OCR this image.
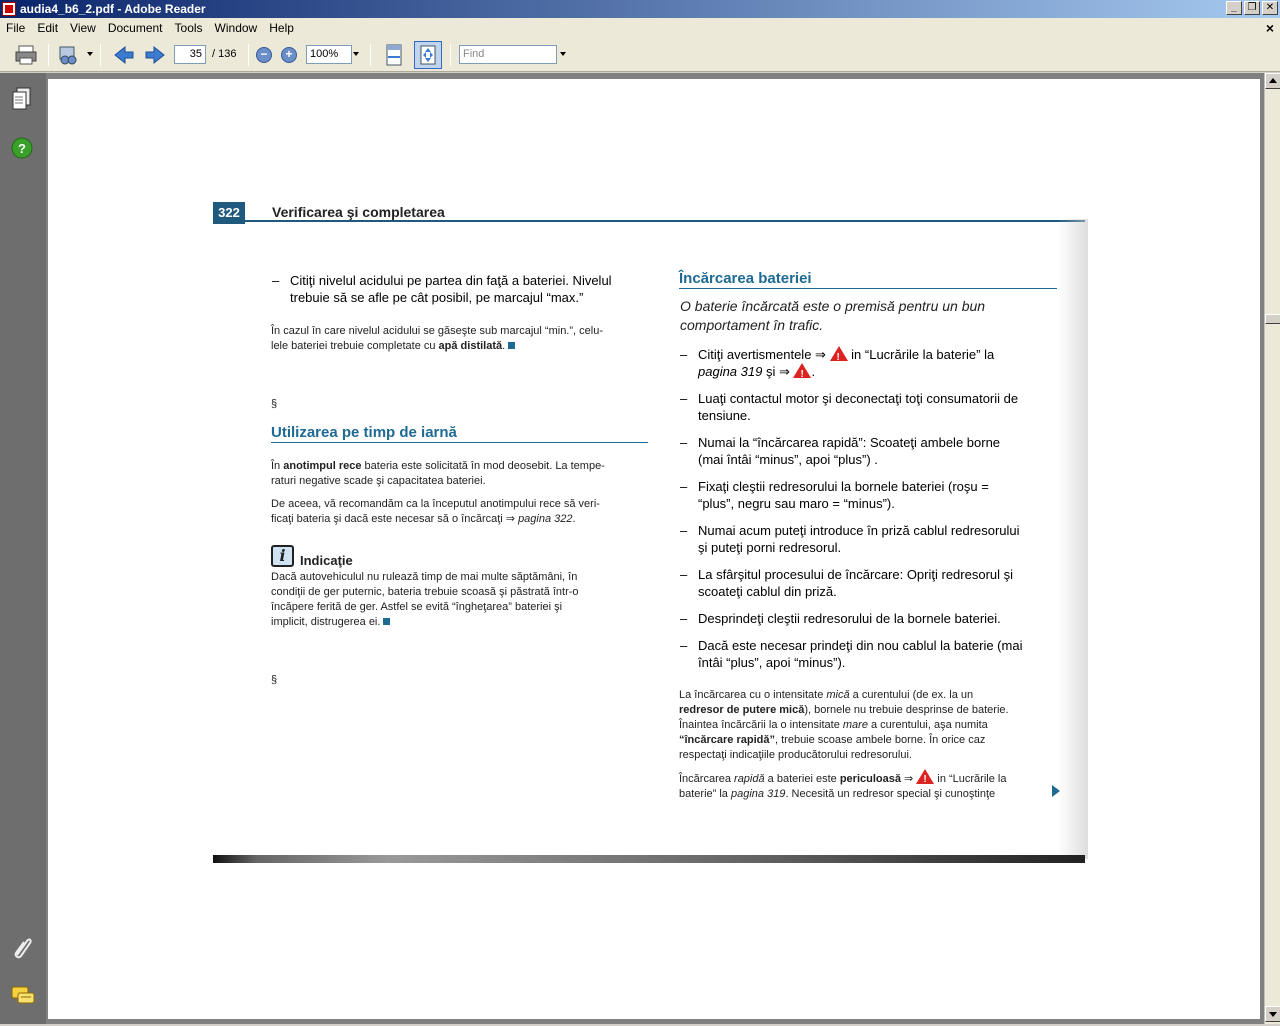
audia4_b6_2.pdf - Adobe Reader	_	❐ ✕
File	Edit	View	Document	Tools	Window	Help	×
35 / 136	−	+	100%	Find
?
322	Verificarea şi completarea
– Citiţi nivelul acidului pe partea din faţă a bateriei. Nivelul
trebuie să se afle pe cât posibil, pe marcajul “max.”
În cazul în care nivelul acidului se găseşte sub marcajul “min.”, celu-
lele bateriei trebuie completate cu apă distilată.
§
Utilizarea pe timp de iarnă
În anotimpul rece bateria este solicitată în mod deosebit. La tempe-
raturi negative scade şi capacitatea bateriei.
De aceea, vă recomandăm ca la începutul anotimpului rece să veri-
ficaţi bateria şi dacă este necesar să o încărcaţi ⇒ pagina 322.
i	Indicaţie
Dacă autovehiculul nu rulează timp de mai multe săptămâni, în
condiţii de ger puternic, bateria trebuie scoasă şi păstrată într-o
încăpere ferită de ger. Astfel se evită “îngheţarea” bateriei şi
implicit, distrugerea ei.
§
Încărcarea bateriei
O baterie încărcată este o premisă pentru un bun
comportament în trafic.
– Citiţi avertismentele ⇒ ! in “Lucrările la baterie” la
pagina 319 şi ⇒ !.
– Luaţi contactul motor şi deconectaţi toţi consumatorii de
tensiune.
– Numai la “încărcarea rapidă”: Scoateţi ambele borne
(mai întâi “minus”, apoi “plus”) .
– Fixaţi cleştii redresorului la bornele bateriei (roşu =
“plus”, negru sau maro = “minus”).
– Numai acum puteţi introduce în priză cablul redresorului
şi puteţi porni redresorul.
– La sfârşitul procesului de încărcare: Opriţi redresorul şi
scoateţi cablul din priză.
– Desprindeţi cleştii redresorului de la bornele bateriei.
– Dacă este necesar prindeţi din nou cablul la baterie (mai
întâi “plus”, apoi “minus”).
La încărcarea cu o intensitate mică a curentului (de ex. la un
redresor de putere mică), bornele nu trebuie desprinse de baterie.
Înaintea încărcării la o intensitate mare a curentului, aşa numita
“încărcare rapidă”, trebuie scoase ambele borne. În orice caz
respectaţi indicaţiile producătorului redresorului.
Încărcarea rapidă a bateriei este periculoasă ⇒ ! in “Lucrările la
baterie” la pagina 319. Necesită un redresor special şi cunoştinţe
